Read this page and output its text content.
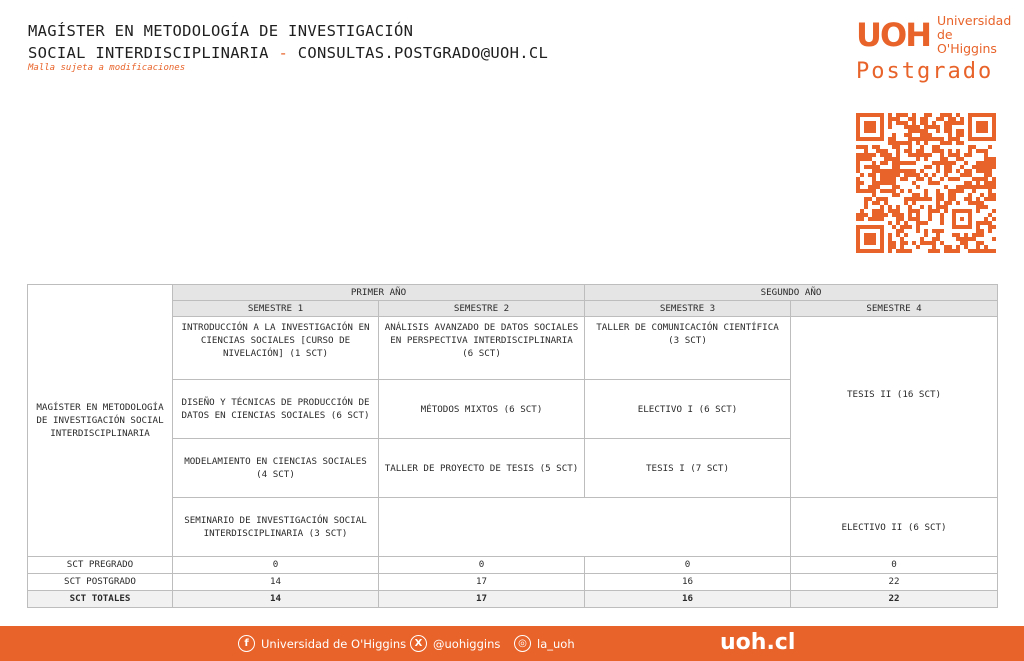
MAGÍSTER EN METODOLOGÍA DE INVESTIGACIÓN
SOCIAL INTERDISCIPLINARIA - CONSULTAS.POSTGRADO@UOH.CL
Malla sujeta a modificaciones
UOH Universidad
de O'Higgins
Postgrado
MAGÍSTER EN METODOLOGÍA DE INVESTIGACIÓN SOCIAL INTERDISCIPLINARIA	PRIMER AÑO		SEGUNDO AÑO	
	SEMESTRE 1	SEMESTRE 2	SEMESTRE 3	SEMESTRE 4
	INTRODUCCIÓN A LA INVESTIGACIÓN EN CIENCIAS SOCIALES [CURSO DE NIVELACIÓN] (1 SCT)	ANÁLISIS AVANZADO DE DATOS SOCIALES EN PERSPECTIVA INTERDISCIPLINARIA (6 SCT)	TALLER DE COMUNICACIÓN CIENTÍFICA (3 SCT)	TESIS II (16 SCT)
	DISEÑO Y TÉCNICAS DE PRODUCCIÓN DE DATOS EN CIENCIAS SOCIALES (6 SCT)	MÉTODOS MIXTOS (6 SCT)	ELECTIVO I (6 SCT)	
	MODELAMIENTO EN CIENCIAS SOCIALES (4 SCT)	TALLER DE PROYECTO DE TESIS (5 SCT)	TESIS I (7 SCT)	
	SEMINARIO DE INVESTIGACIÓN SOCIAL INTERDISCIPLINARIA (3 SCT)			ELECTIVO II (6 SCT)
SCT PREGRADO	0	0	0	0
SCT POSTGRADO	14	17	16	22
SCT TOTALES	14	17	16	22
f	Universidad de O'Higgins X @uohiggins	◎ la_uoh	uoh.cl
